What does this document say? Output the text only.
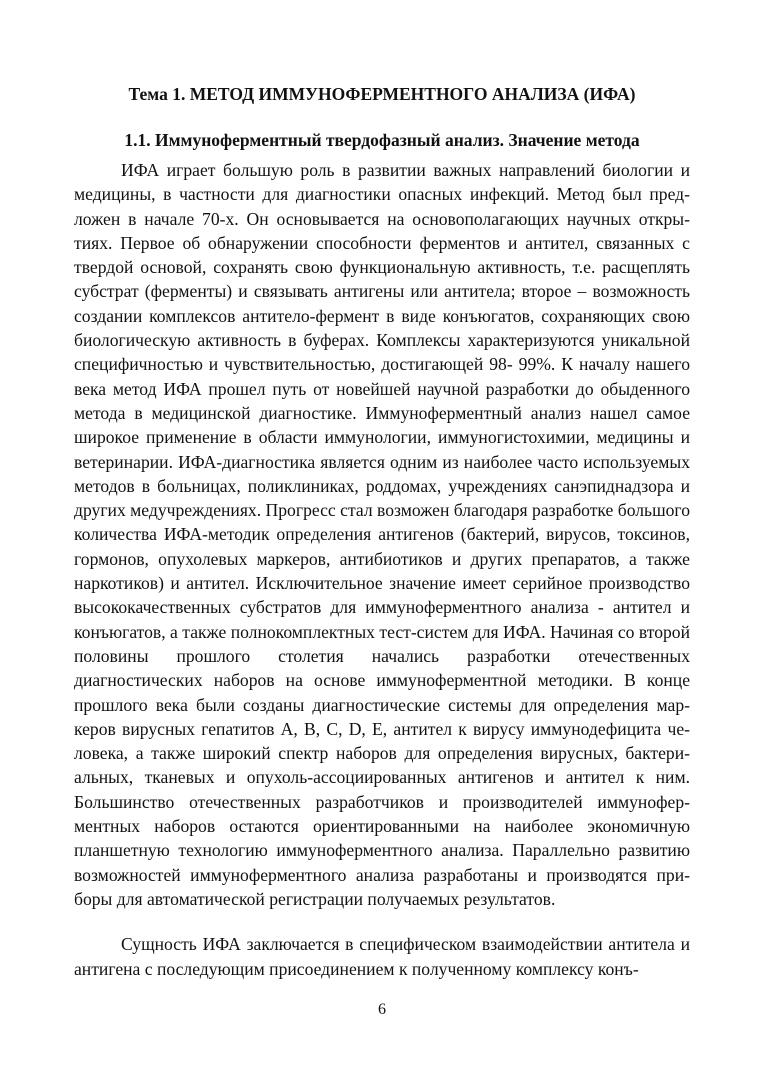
Тема 1. МЕТОД ИММУНОФЕРМЕНТНОГО АНАЛИЗА (ИФА)
1.1. Иммуноферментный твердофазный анализ. Значение метода

ИФА играет большую роль в развитии важных направлений биологии и медицины, в частности для диагностики опасных инфекций. Метод был предложен в начале 70-х. Он основывается на основополагающих научных открытиях. Первое об обнаружении способности ферментов и антител, связанных с твердой основой, сохранять свою функциональную активность, т.е. расщеплять субстрат (ферменты) и связывать антигены или антитела; второе – возможность создании комплексов антитело-фермент в виде конъюгатов, сохраняющих свою биологическую активность в буферах. Комплексы характеризуются уникальной специфичностью и чувствительностью, достигающей 98- 99%. К началу нашего века метод ИФА прошел путь от новейшей научной разработки до обыденного метода в медицинской диагностике. Иммуноферментный анализ нашел самое широкое применение в области иммунологии, иммуногистохимии, медицины и ветеринарии. ИФА-диагностика является одним из наиболее часто используемых методов в больницах, поликлиниках, роддомах, учреждениях санэпиднадзора и других медучреждениях. Прогресс стал возможен благодаря разработке большого количества ИФА-методик определения антигенов (бактерий, вирусов, токсинов, гормонов, опухолевых маркеров, антибиотиков и других препаратов, а также наркотиков) и антител. Исключительное значение имеет серийное производство высококачественных субстратов для иммуноферментного анализа - антител и конъюгатов, а также полнокомплектных тест-систем для ИФА. Начиная со второй половины прошлого столетия начались разработки отечественных диагностических наборов на основе иммуноферментной методики. В конце прошлого века были созданы диагностические системы для определения маркеров вирусных гепатитов A, B, C, D, E, антител к вирусу иммунодефицита человека, а также широкий спектр наборов для определения вирусных, бактериальных, тканевых и опухоль-ассоциированных антигенов и антител к ним. Большинство отечественных разработчиков и производителей иммуноферментных наборов остаются ориентированными на наиболее экономичную планшетную технологию иммуноферментного анализа. Параллельно развитию возможностей иммуноферментного анализа разработаны и производятся приборы для автоматической регистрации получаемых результатов.

Сущность ИФА заключается в специфическом взаимодействии антитела и антигена с последующим присоединением к полученному комплексу конъ-

6
